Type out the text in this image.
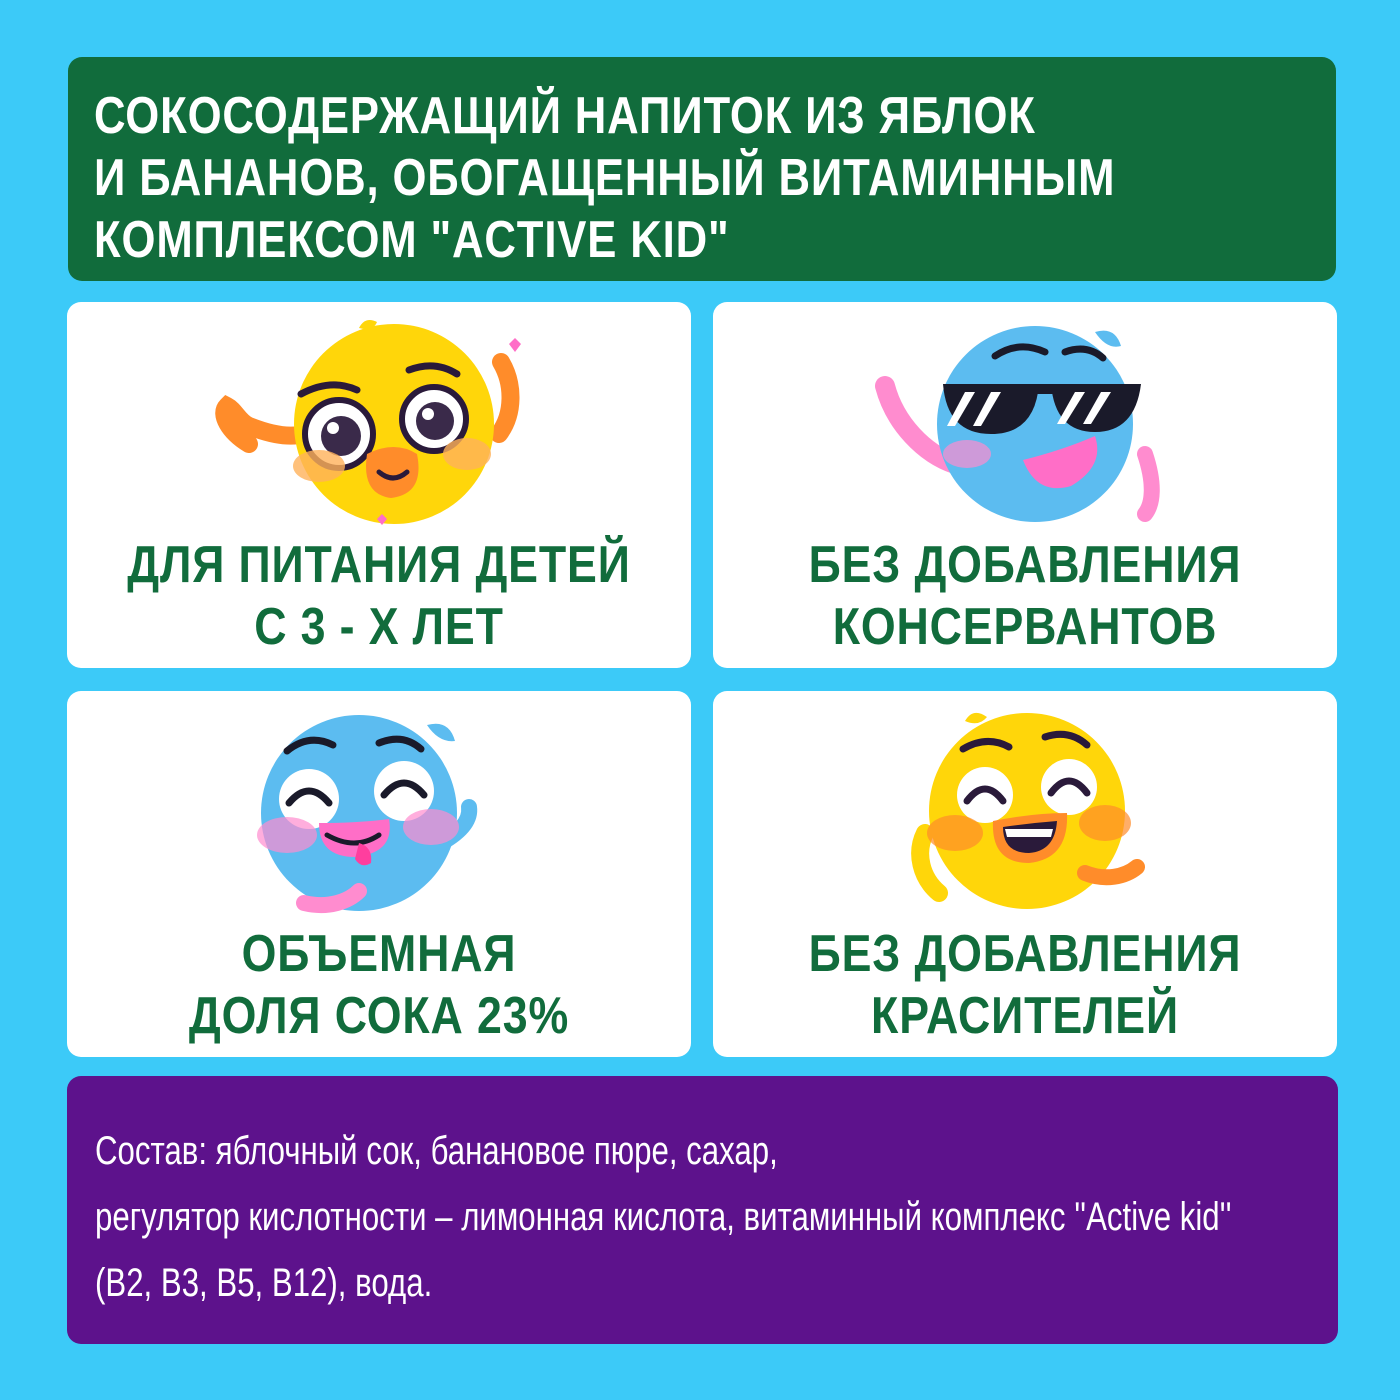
СОКОСОДЕРЖАЩИЙ НАПИТОК ИЗ ЯБЛОК
И БАНАНОВ, ОБОГАЩЕННЫЙ ВИТАМИННЫМ
КОМПЛЕКСОМ "ACTIVE KID"
ДЛЯ ПИТАНИЯ ДЕТЕЙ
С 3 - Х ЛЕТ
БЕЗ ДОБАВЛЕНИЯ
КОНСЕРВАНТОВ
ОБЪЕМНАЯ
ДОЛЯ СОКА 23%
БЕЗ ДОБАВЛЕНИЯ
КРАСИТЕЛЕЙ
Состав: яблочный сок, банановое пюре, сахар,
регулятор кислотности – лимонная кислота, витаминный комплекс ''Active kid''
(B2, B3, B5, B12), вода.
